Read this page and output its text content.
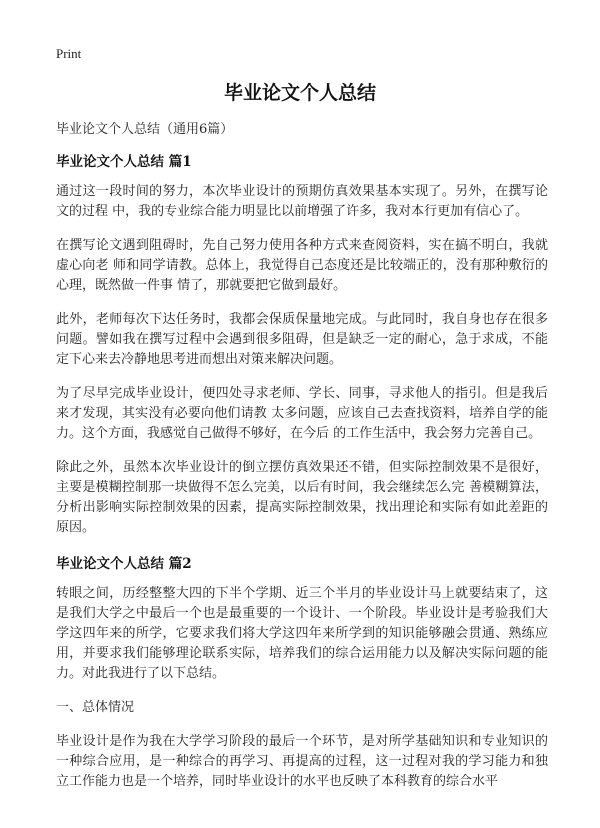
Print
毕业论文个人总结

毕业论文个人总结（通用6篇）

毕业论文个人总结 篇1

通过这一段时间的努力，本次毕业设计的预期仿真效果基本实现了。另外，在撰写论文的过程 中，我的专业综合能力明显比以前增强了许多，我对本行更加有信心了。

在撰写论文遇到阻碍时，先自己努力使用各种方式来查阅资料，实在搞不明白，我就虚心向老 师和同学请教。总体上，我觉得自己态度还是比较端正的，没有那种敷衍的心理，既然做一件事 情了，那就要把它做到最好。

此外，老师每次下达任务时，我都会保质保量地完成。与此同时，我自身也存在很多问题。譬如我在撰写过程中会遇到很多阻碍，但是缺乏一定的耐心，急于求成，不能定下心来去冷静地思考进而想出对策来解决问题。

为了尽早完成毕业设计，便四处寻求老师、学长、同事，寻求他人的指引。但是我后来才发现，其实没有必要向他们请教 太多问题，应该自己去查找资料，培养自学的能力。这个方面，我感觉自己做得不够好，在今后 的工作生活中，我会努力完善自己。

除此之外，虽然本次毕业设计的倒立摆仿真效果还不错，但实际控制效果不是很好，主要是模糊控制那一块做得不怎么完美，以后有时间，我会继续怎么完 善模糊算法，分析出影响实际控制效果的因素，提高实际控制效果，找出理论和实际有如此差距的原因。

毕业论文个人总结 篇2

转眼之间，历经整整大四的下半个学期、近三个半月的毕业设计马上就要结束了，这是我们大学之中最后一个也是最重要的一个设计、一个阶段。毕业设计是考验我们大学这四年来的所学，它要求我们将大学这四年来所学到的知识能够融会贯通、熟练应用，并要求我们能够理论联系实际，培养我们的综合运用能力以及解决实际问题的能力。对此我进行了以下总结。

一、总体情况

毕业设计是作为我在大学学习阶段的最后一个环节，是对所学基础知识和专业知识的一种综合应用，是一种综合的再学习、再提高的过程，这一过程对我的学习能力和独立工作能力也是一个培养，同时毕业设计的水平也反映了本科教育的综合水平
